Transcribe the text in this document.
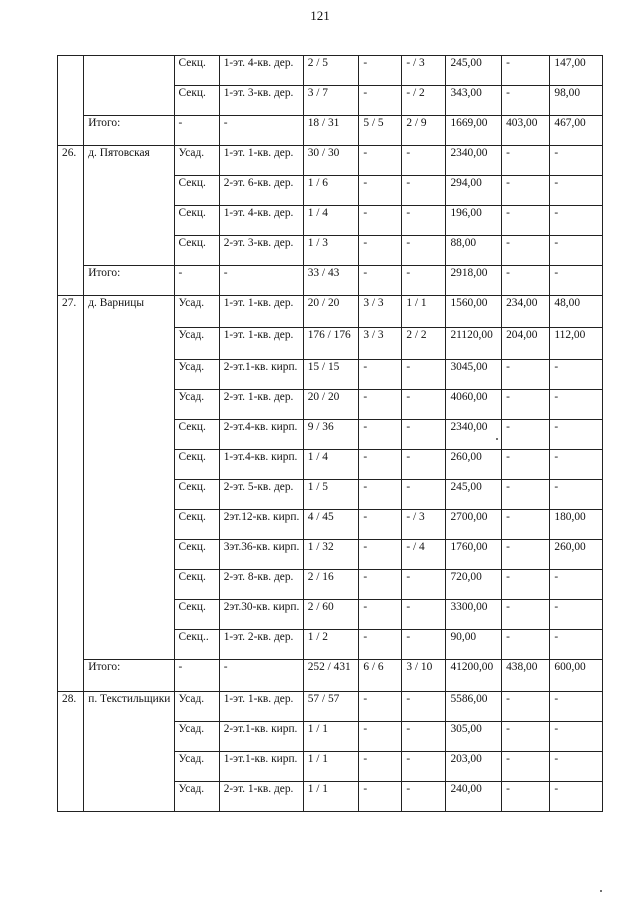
121
		Секц.	1-эт. 4-кв. дер.	2 / 5	-	- / 3	245,00	-	147,00
		Секц.	1-эт. 3-кв. дер.	3 / 7	-	- / 2	343,00	-	98,00
	Итого:	-	-	18 / 31	5 / 5	2 / 9	1669,00	403,00	467,00
26.	д. Пятовская	Усад.	1-эт. 1-кв. дер.	30 / 30	-	-	2340,00	-	-
		Секц.	2-эт. 6-кв. дер.	1 / 6	-	-	294,00	-	-
		Секц.	1-эт. 4-кв. дер.	1 / 4	-	-	196,00	-	-
		Секц.	2-эт. 3-кв. дер.	1 / 3	-	-	88,00	-	-
	Итого:	-	-	33 / 43	-	-	2918,00	-	-
27.	д. Варницы	Усад.	1-эт. 1-кв. дер.	20 / 20	3 / 3	1 / 1	1560,00	234,00	48,00
		Усад.	1-эт. 1-кв. дер.	176 / 176	3 / 3	2 / 2	21120,00	204,00	112,00
		Усад.	2-эт.1-кв. кирп.	15 / 15	-	-	3045,00	-	-
		Усад.	2-эт. 1-кв. дер.	20 / 20	-	-	4060,00	-	-
		Секц.	2-эт.4-кв. кирп.	9 / 36	-	-	2340,00	-	-
		Секц.	1-эт.4-кв. кирп.	1 / 4	-	-	260,00	-	-
		Секц.	2-эт. 5-кв. дер.	1 / 5	-	-	245,00	-	-
		Секц.	2эт.12-кв. кирп.	4 / 45	-	- / 3	2700,00	-	180,00
		Секц.	3эт.36-кв. кирп.	1 / 32	-	- / 4	1760,00	-	260,00
		Секц.	2-эт. 8-кв. дер.	2 / 16	-	-	720,00	-	-
		Секц.	2эт.30-кв. кирп.	2 / 60	-	-	3300,00	-	-
		Секц..	1-эт. 2-кв. дер.	1 / 2	-	-	90,00	-	-
	Итого:	-	-	252 / 431	6 / 6	3 / 10	41200,00	438,00	600,00
28.	п. Текстильщики	Усад.	1-эт. 1-кв. дер.	57 / 57	-	-	5586,00	-	-
		Усад.	2-эт.1-кв. кирп.	1 / 1	-	-	305,00	-	-
		Усад.	1-эт.1-кв. кирп.	1 / 1	-	-	203,00	-	-
		Усад.	2-эт. 1-кв. дер.	1 / 1	-	-	240,00	-	-
